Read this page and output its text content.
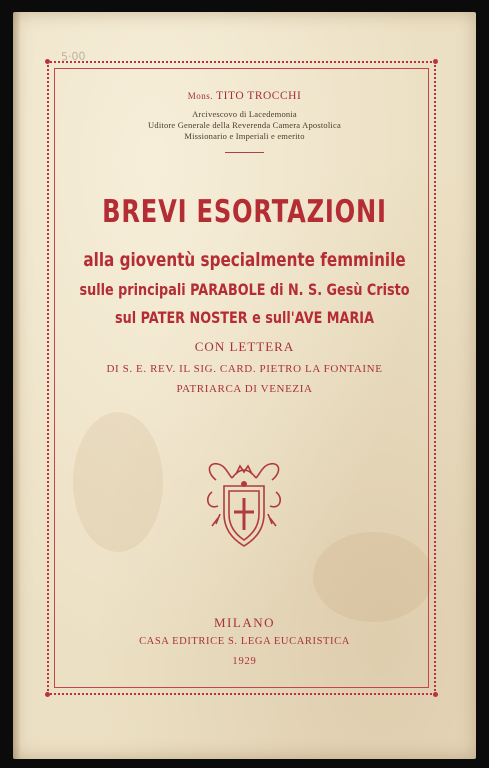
5·00
Mons. TITO TROCCHI
Arcivescovo di Lacedemonia
Uditore Generale della Reverenda Camera Apostolica
Missionario e Imperiali e emerito
BREVI ESORTAZIONI
alla gioventù specialmente femminile
sulle principali PARABOLE di N. S. Gesù Cristo
sul PATER NOSTER e sull'AVE MARIA
CON LETTERA
DI S. E. REV. IL SIG. CARD. PIETRO LA FONTAINE
PATRIARCA DI VENEZIA
MILANO
CASA EDITRICE S. LEGA EUCARISTICA
1929
